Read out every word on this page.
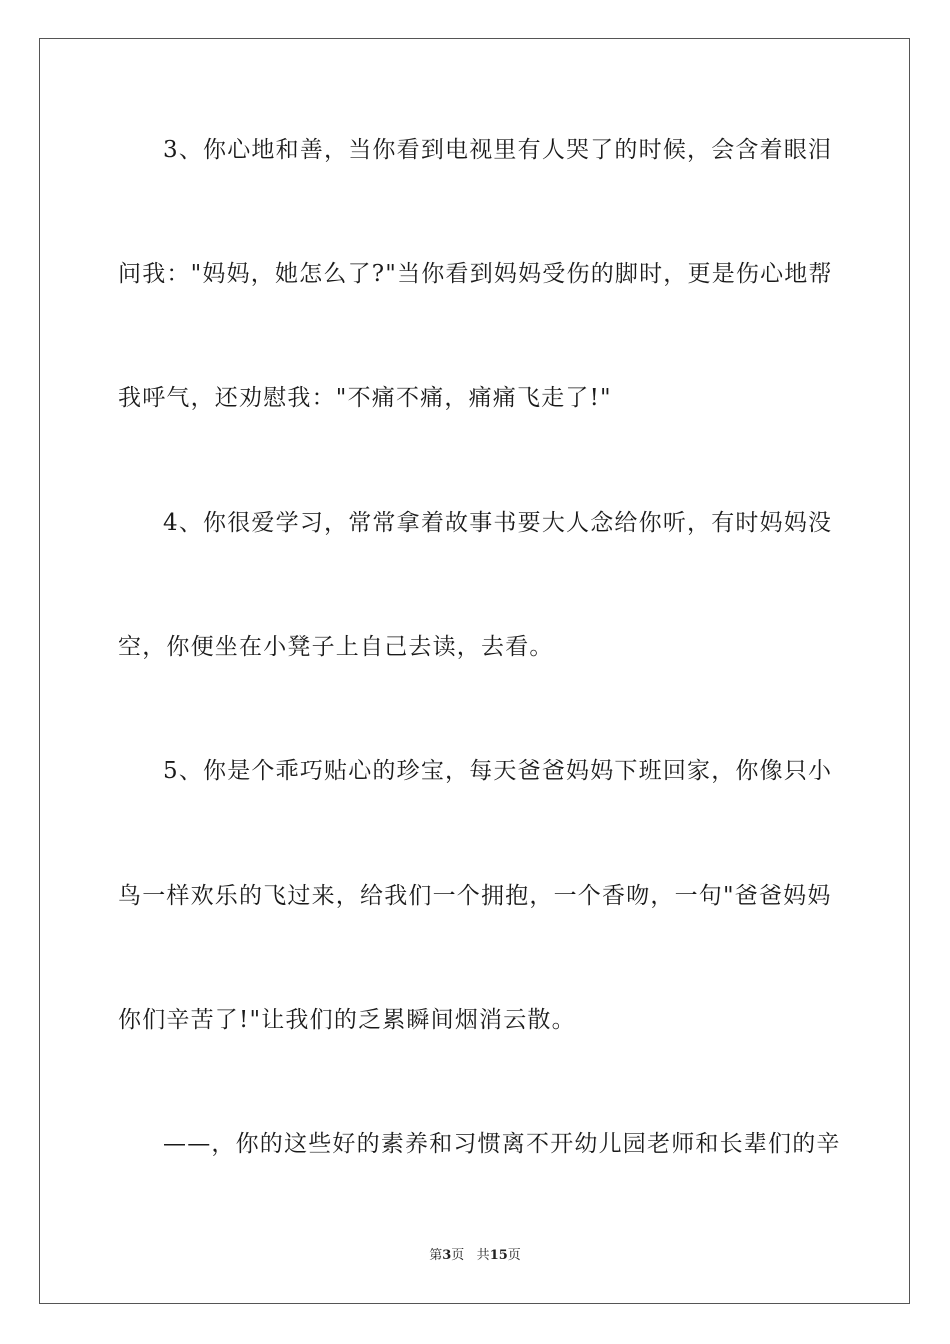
3、你心地和善，当你看到电视里有人哭了的时候，会含着眼泪
问我："妈妈，她怎么了?"当你看到妈妈受伤的脚时，更是伤心地帮
我呼气，还劝慰我："不痛不痛，痛痛飞走了!"
4、你很爱学习，常常拿着故事书要大人念给你听，有时妈妈没
空，你便坐在小凳子上自己去读，去看。
5、你是个乖巧贴心的珍宝，每天爸爸妈妈下班回家，你像只小
鸟一样欢乐的飞过来，给我们一个拥抱，一个香吻，一句"爸爸妈妈
你们辛苦了!"让我们的乏累瞬间烟消云散。
——，你的这些好的素养和习惯离不开幼儿园老师和长辈们的辛
第3页 共15页
